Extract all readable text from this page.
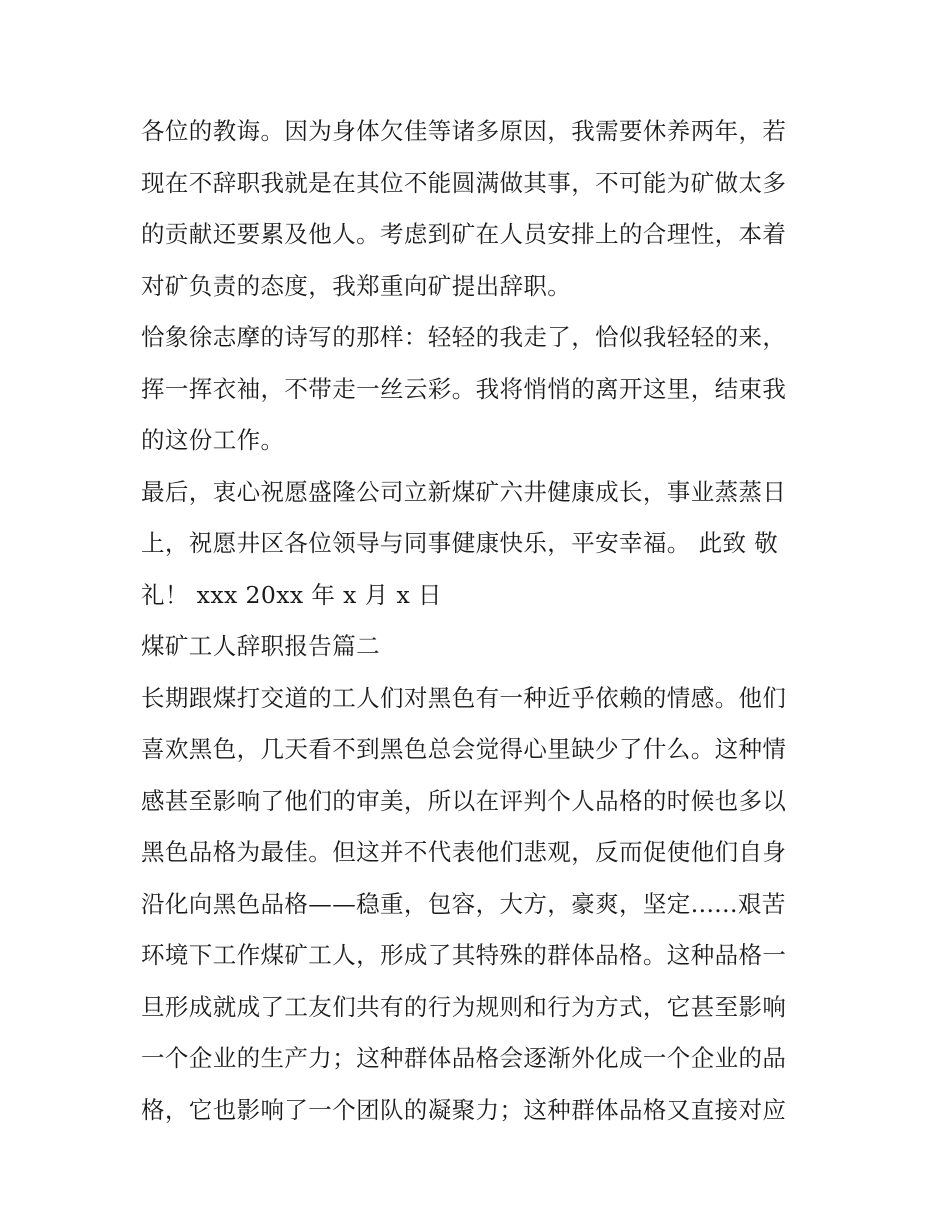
各位的教诲。因为身体欠佳等诸多原因，我需要休养两年，若
现在不辞职我就是在其位不能圆满做其事，不可能为矿做太多
的贡献还要累及他人。考虑到矿在人员安排上的合理性，本着
对矿负责的态度，我郑重向矿提出辞职。
恰象徐志摩的诗写的那样：轻轻的我走了，恰似我轻轻的来，
挥一挥衣袖，不带走一丝云彩。我将悄悄的离开这里，结束我
的这份工作。
最后，衷心祝愿盛隆公司立新煤矿六井健康成长，事业蒸蒸日
上，祝愿井区各位领导与同事健康快乐，平安幸福。 此致 敬
礼！ xxx 20xx 年 x 月 x 日
煤矿工人辞职报告篇二
长期跟煤打交道的工人们对黑色有一种近乎依赖的情感。他们
喜欢黑色，几天看不到黑色总会觉得心里缺少了什么。这种情
感甚至影响了他们的审美，所以在评判个人品格的时候也多以
黑色品格为最佳。但这并不代表他们悲观，反而促使他们自身
沿化向黑色品格——稳重，包容，大方，豪爽，坚定......艰苦
环境下工作煤矿工人，形成了其特殊的群体品格。这种品格一
旦形成就成了工友们共有的行为规则和行为方式，它甚至影响
一个企业的生产力；这种群体品格会逐渐外化成一个企业的品
格，它也影响了一个团队的凝聚力；这种群体品格又直接对应
